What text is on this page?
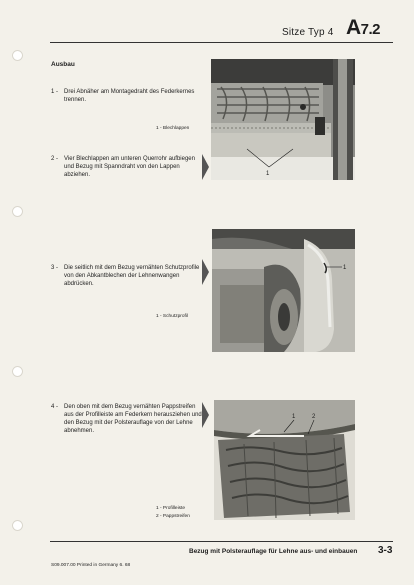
Sitze Typ 4 A7.2
Ausbau
1 - Drei Abnäher am Montagedraht des Federkernes trennen.
1 - Blechlappen
2 - Vier Blechlappen am unteren Querrohr aufbiegen und Bezug mit Spanndraht von den Lappen abziehen.	1
3 - Die seitlich mit dem Bezug vernähten Schutzprofile von den Abkantblechen der Lehnenwangen abdrücken.
1 - Schutzprofil
1
4 - Den oben mit dem Bezug vernähten Pappstreifen aus der Profilleiste am Federkern herausziehen und den Bezug mit der Polsterauflage von der Lehne abnehmen.
1 - Profilleiste
2 - Pappstreifen
1	2
Bezug mit Polsterauflage für Lehne aus- und einbauen 3-3
S09.007.00 Printed in Germany 6. 68
